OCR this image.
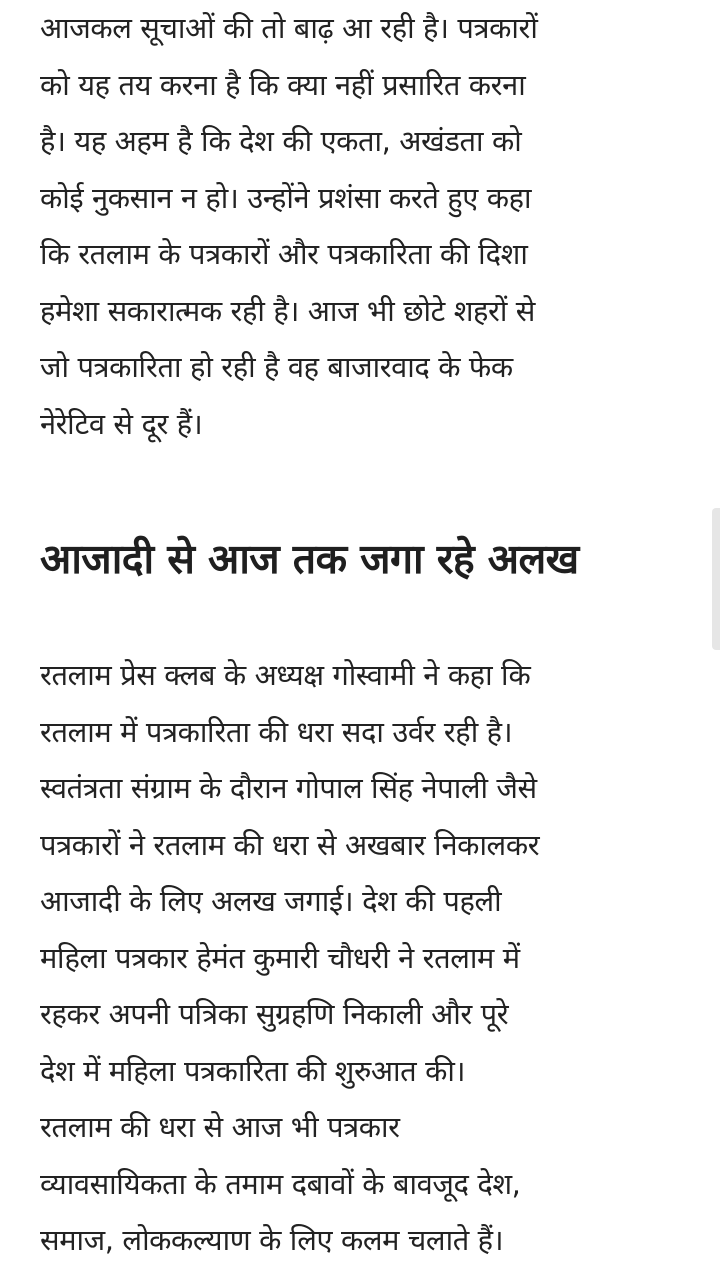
आजकल सूचाओं की तो बाढ़ आ रही है। पत्रकारों
को यह तय करना है कि क्या नहीं प्रसारित करना
है। यह अहम है कि देश की एकता, अखंडता को
कोई नुकसान न हो। उन्होंने प्रशंसा करते हुए कहा
कि रतलाम के पत्रकारों और पत्रकारिता की दिशा
हमेशा सकारात्मक रही है। आज भी छोटे शहरों से
जो पत्रकारिता हो रही है वह बाजारवाद के फेक
नेरेटिव से दूर हैं।

आजादी से आज तक जगा रहे अलख

रतलाम प्रेस क्लब के अध्यक्ष गोस्वामी ने कहा कि
रतलाम में पत्रकारिता की धरा सदा उर्वर रही है।
स्वतंत्रता संग्राम के दौरान गोपाल सिंह नेपाली जैसे
पत्रकारों ने रतलाम की धरा से अखबार निकालकर
आजादी के लिए अलख जगाई। देश की पहली
महिला पत्रकार हेमंत कुमारी चौधरी ने रतलाम में
रहकर अपनी पत्रिका सुग्रहणि निकाली और पूरे
देश में महिला पत्रकारिता की शुरुआत की।
रतलाम की धरा से आज भी पत्रकार
व्यावसायिकता के तमाम दबावों के बावजूद देश,
समाज, लोककल्याण के लिए कलम चलाते हैं।
